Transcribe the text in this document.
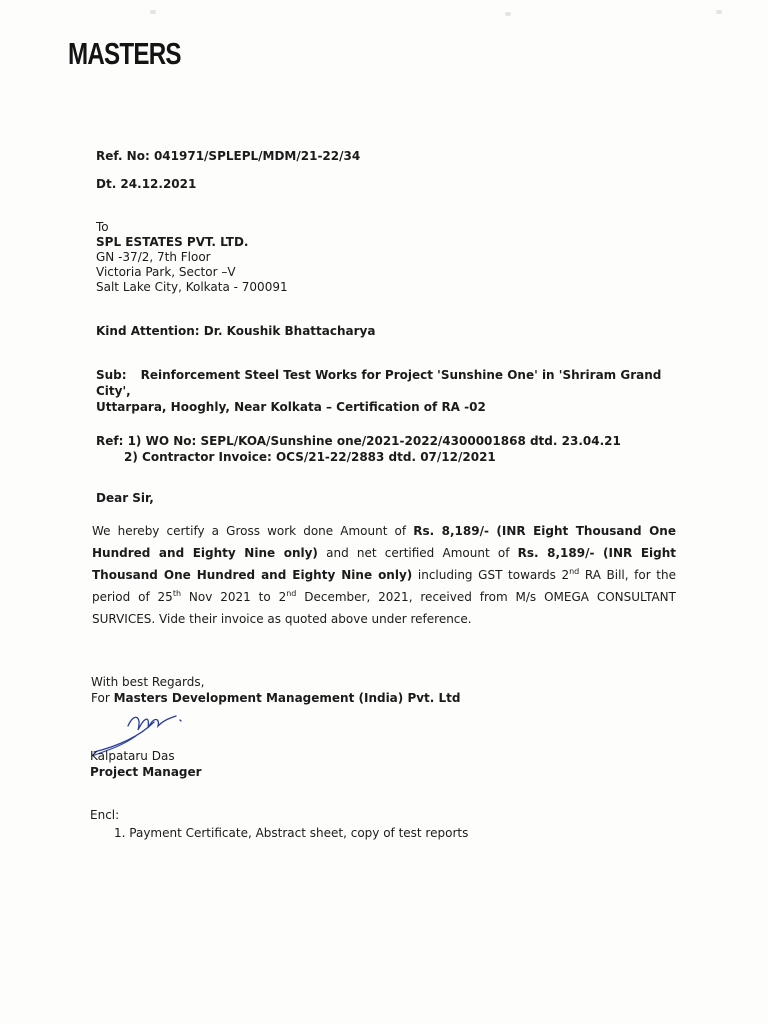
MASTERS
Ref. No: 041971/SPLEPL/MDM/21-22/34
Dt. 24.12.2021
To
SPL ESTATES PVT. LTD.
GN -37/2, 7th Floor
Victoria Park, Sector –V
Salt Lake City, Kolkata - 700091
Kind Attention: Dr. Koushik Bhattacharya
Sub: Reinforcement Steel Test Works for Project 'Sunshine One' in 'Shriram Grand City',
Uttarpara, Hooghly, Near Kolkata – Certification of RA -02
Ref: 1) WO No: SEPL/KOA/Sunshine one/2021-2022/4300001868 dtd. 23.04.21
2) Contractor Invoice: OCS/21-22/2883 dtd. 07/12/2021
Dear Sir,
We hereby certify a Gross work done Amount of Rs. 8,189/- (INR Eight Thousand One Hundred and Eighty Nine only) and net certified Amount of Rs. 8,189/- (INR Eight Thousand One Hundred and Eighty Nine only) including GST towards 2nd RA Bill, for the period of 25th Nov 2021 to 2nd December, 2021, received from M/s OMEGA CONSULTANT SURVICES. Vide their invoice as quoted above under reference.
With best Regards,
For Masters Development Management (India) Pvt. Ltd
Kalpataru Das
Project Manager
Encl:
1. Payment Certificate, Abstract sheet, copy of test reports
